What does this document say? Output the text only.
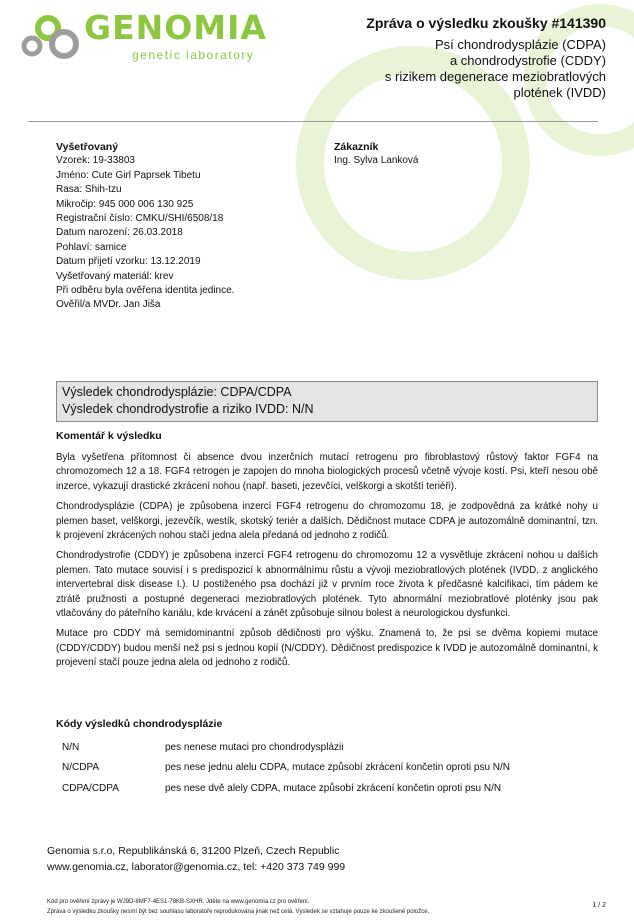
GENOMIA
genetic laboratory
Zpráva o výsledku zkoušky #141390
Psí chondrodysplázie (CDPA)
a chondrodystrofie (CDDY)
s rizikem degenerace meziobratlových
plotének (IVDD)
Vyšetřovaný
Vzorek: 19-33803
Jméno: Cute Girl Paprsek Tibetu
Rasa: Shih-tzu
Mikročip: 945 000 006 130 925
Registrační číslo: CMKU/SHI/6508/18
Datum narození: 26.03.2018
Pohlaví: samice
Datum přijetí vzorku: 13.12.2019
Vyšetřovaný materiál: krev
Při odběru byla ověřena identita jedince.
Ověřil/a MVDr. Jan Jiša
Zákazník
Ing. Sylva Lanková
Výsledek chondrodysplázie: CDPA/CDPA
Výsledek chondrodystrofie a riziko IVDD: N/N
Komentář k výsledku

Byla vyšetřena přítomnost či absence dvou inzerčních mutací retrogenu pro fibroblastový růstový faktor FGF4 na chromozomech 12 a 18. FGF4 retrogen je zapojen do mnoha biologických procesů včetně vývoje kostí. Psi, kteří nesou obě inzerce, vykazují drastické zkrácení nohou (např. baseti, jezevčíci, velškorgi a skotští teriéři).

Chondrodysplázie (CDPA) je způsobena inzercí FGF4 retrogenu do chromozomu 18, je zodpovědná za krátké nohy u plemen baset, velškorgi, jezevčík, westík, skotský teriér a dalších. Dědičnost mutace CDPA je autozomálně dominantní, tzn. k projevení zkrácených nohou stačí jedna alela předaná od jednoho z rodičů.

Chondrodystrofie (CDDY) je způsobena inzercí FGF4 retrogenu do chromozomu 12 a vysvětluje zkrácení nohou u dalších plemen. Tato mutace souvisí i s predispozicí k abnormálnímu růstu a vývoji meziobratlových plotének (IVDD, z anglického intervertebral disk disease I.). U postiženého psa dochází již v prvním roce života k předčasné kalcifikaci, tím pádem ke ztrátě pružnosti a postupné degeneraci meziobratlových plotének. Tyto abnormální meziobratlové ploténky jsou pak vtlačovány do páteřního kanálu, kde krvácení a zánět způsobuje silnou bolest a neurologickou dysfunkci.

Mutace pro CDDY má semidominantní způsob dědičnosti pro výšku. Znamená to, že psi se dvěma kopiemi mutace (CDDY/CDDY) budou menší než psi s jednou kopií (N/CDDY). Dědičnost predispozice k IVDD je autozomálně dominantní, k projevení stačí pouze jedna alela od jednoho z rodičů.

Kódy výsledků chondrodysplázie
N/N	pes nenese mutaci pro chondrodysplázii
N/CDPA	pes nese jednu alelu CDPA, mutace způsobí zkrácení končetin oproti psu N/N
CDPA/CDPA	pes nese dvě alely CDPA, mutace způsobí zkrácení končetin oproti psu N/N
Genomia s.r.o, Republikánská 6, 31200 Plzeň, Czech Republic
www.genomia.cz, laborator@genomia.cz, tel: +420 373 749 999
Kód pro ověření zprávy je WJ9D-8MF7-4ES1-78KB-SXHR. Jděte na www.genomia.cz pro ověření.
Zpráva o výsledku zkoušky nesmí být bez souhlasu laboratoře reprodukována jinak než celá. Výsledek se vztahuje pouze ke zkoušené položce.
1 / 2
